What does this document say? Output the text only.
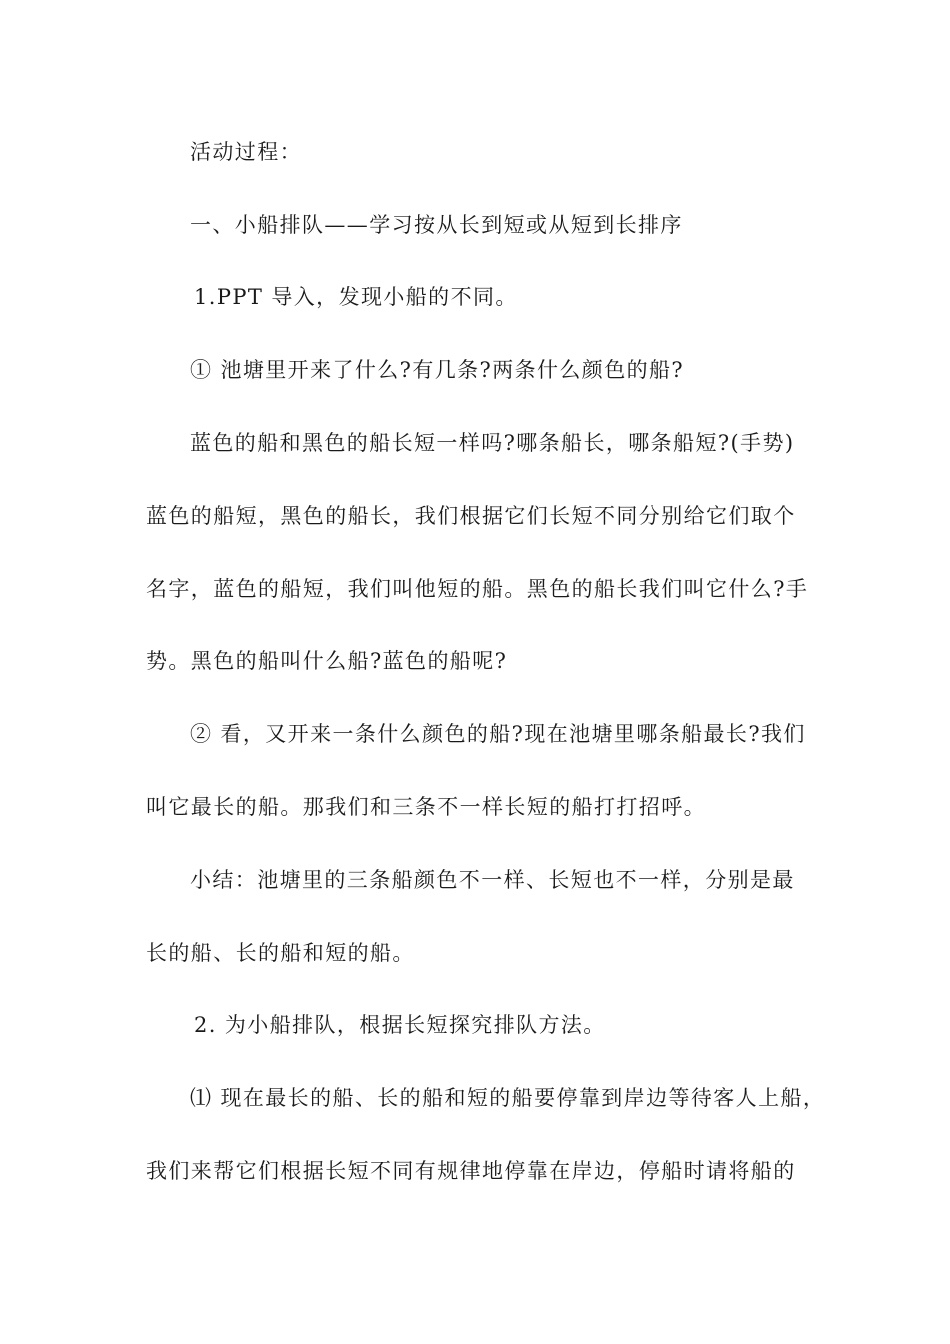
活动过程：
一、小船排队——学习按从长到短或从短到长排序
1.PPT 导入，发现小船的不同。
① 池塘里开来了什么?有几条?两条什么颜色的船?
蓝色的船和黑色的船长短一样吗?哪条船长，哪条船短?(手势)
蓝色的船短，黑色的船长，我们根据它们长短不同分别给它们取个
名字，蓝色的船短，我们叫他短的船。黑色的船长我们叫它什么?手
势。黑色的船叫什么船?蓝色的船呢?
② 看，又开来一条什么颜色的船?现在池塘里哪条船最长?我们
叫它最长的船。那我们和三条不一样长短的船打打招呼。
小结：池塘里的三条船颜色不一样、长短也不一样，分别是最
长的船、长的船和短的船。
2. 为小船排队，根据长短探究排队方法。
⑴ 现在最长的船、长的船和短的船要停靠到岸边等待客人上船，
我们来帮它们根据长短不同有规律地停靠在岸边，停船时请将船的
